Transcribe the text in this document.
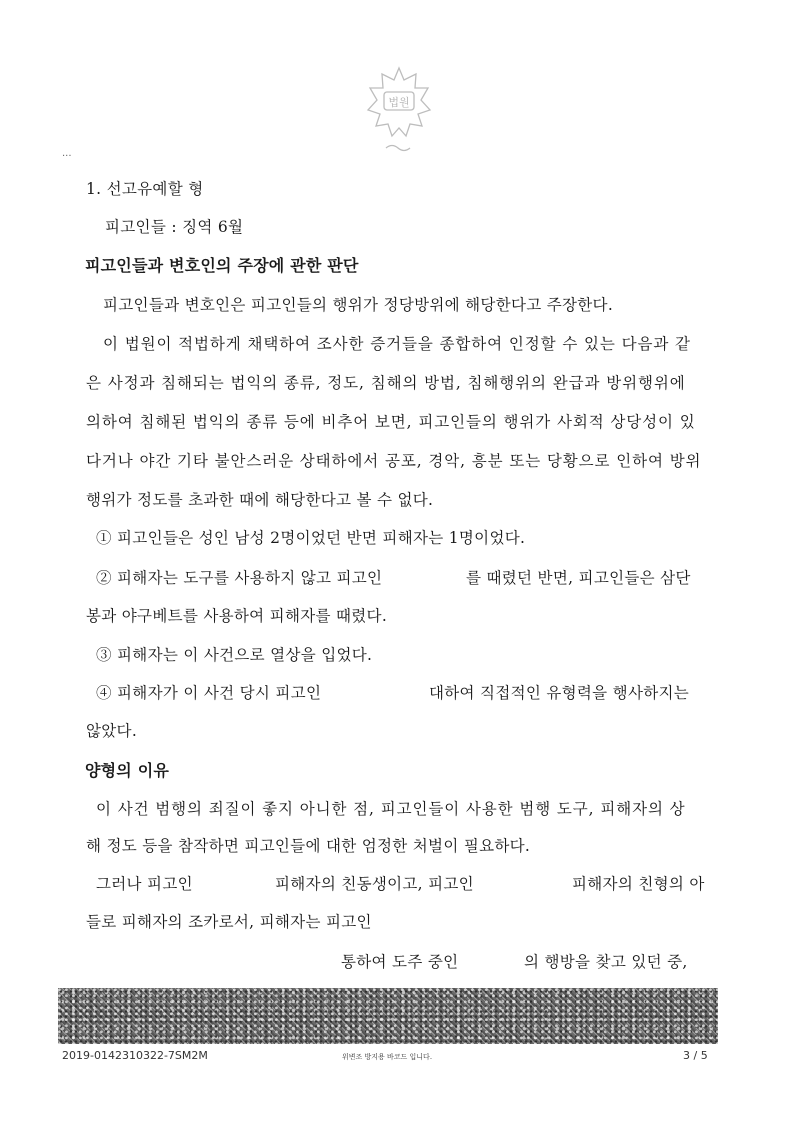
법원
...
1. 선고유예할 형
피고인들 : 징역 6월
피고인들과 변호인의 주장에 관한 판단
피고인들과 변호인은 피고인들의 행위가 정당방위에 해당한다고 주장한다.
이 법원이 적법하게 채택하여 조사한 증거들을 종합하여 인정할 수 있는 다음과 같
은 사정과 침해되는 법익의 종류, 정도, 침해의 방법, 침해행위의 완급과 방위행위에
의하여 침해된 법익의 종류 등에 비추어 보면, 피고인들의 행위가 사회적 상당성이 있
다거나 야간 기타 불안스러운 상태하에서 공포, 경악, 흥분 또는 당황으로 인하여 방위
행위가 정도를 초과한 때에 해당한다고 볼 수 없다.
① 피고인들은 성인 남성 2명이었던 반면 피해자는 1명이었다.
② 피해자는 도구를 사용하지 않고 피고인	를 때렸던 반면, 피고인들은 삼단
봉과 야구베트를 사용하여 피해자를 때렸다.
③ 피해자는 이 사건으로 열상을 입었다.
④ 피해자가 이 사건 당시 피고인	대하여 직접적인 유형력을 행사하지는
않았다.
양형의 이유
이 사건 범행의 죄질이 좋지 아니한 점, 피고인들이 사용한 범행 도구, 피해자의 상
해 정도 등을 참작하면 피고인들에 대한 엄정한 처벌이 필요하다.
그러나 피고인	피해자의 친동생이고, 피고인	피해자의 친형의 아
들로 피해자의 조카로서, 피해자는 피고인
통하여 도주 중인	의 행방을 찾고 있던 중,
2019-0142310322-7SM2M	위변조 방지용 바코드 입니다.	3 / 5
